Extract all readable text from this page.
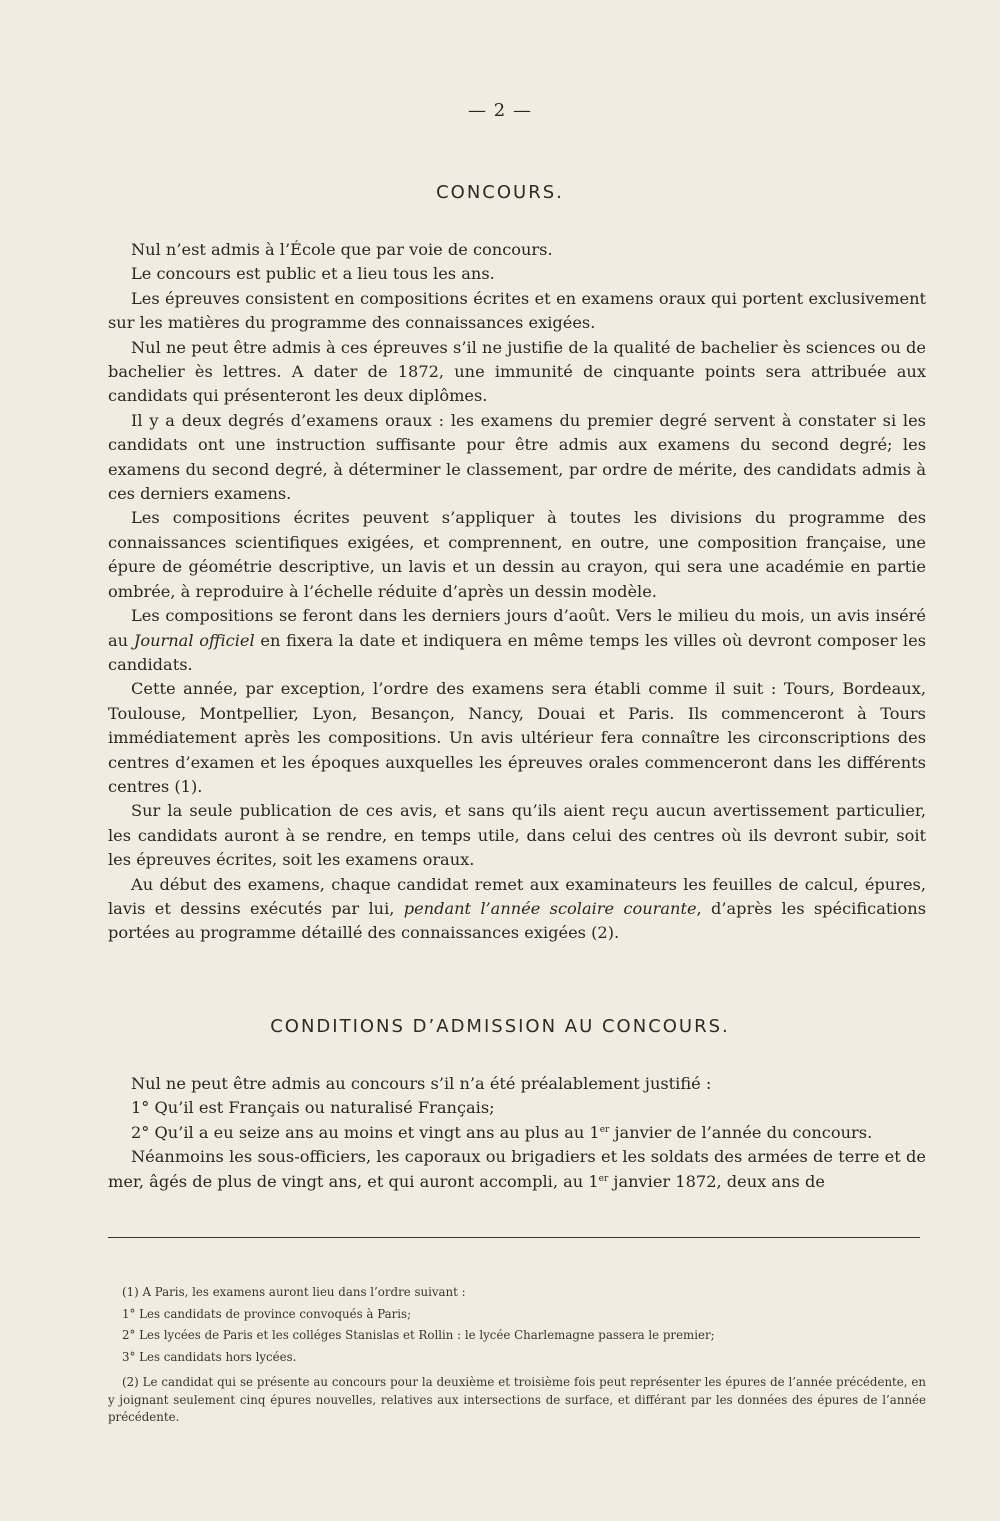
— 2 —
CONCOURS.

Nul n’est admis à l’École que par voie de concours.

Le concours est public et a lieu tous les ans.

Les épreuves consistent en compositions écrites et en examens oraux qui portent exclusivement sur les matières du programme des connaissances exigées.

Nul ne peut être admis à ces épreuves s’il ne justifie de la qualité de bachelier ès sciences ou de bachelier ès lettres. A dater de 1872, une immunité de cinquante points sera attribuée aux candidats qui présenteront les deux diplômes.

Il y a deux degrés d’examens oraux : les examens du premier degré servent à constater si les candidats ont une instruction suffisante pour être admis aux examens du second degré; les examens du second degré, à déterminer le classement, par ordre de mérite, des candidats admis à ces derniers examens.

Les compositions écrites peuvent s’appliquer à toutes les divisions du programme des connaissances scientifiques exigées, et comprennent, en outre, une composition française, une épure de géométrie descriptive, un lavis et un dessin au crayon, qui sera une académie en partie ombrée, à reproduire à l’échelle réduite d’après un dessin modèle.

Les compositions se feront dans les derniers jours d’août. Vers le milieu du mois, un avis inséré au Journal officiel en fixera la date et indiquera en même temps les villes où devront composer les candidats.

Cette année, par exception, l’ordre des examens sera établi comme il suit : Tours, Bordeaux, Toulouse, Montpellier, Lyon, Besançon, Nancy, Douai et Paris. Ils commenceront à Tours immédiatement après les compositions. Un avis ultérieur fera connaître les circonscriptions des centres d’examen et les époques auxquelles les épreuves orales commenceront dans les différents centres (1).

Sur la seule publication de ces avis, et sans qu’ils aient reçu aucun avertissement particulier, les candidats auront à se rendre, en temps utile, dans celui des centres où ils devront subir, soit les épreuves écrites, soit les examens oraux.

Au début des examens, chaque candidat remet aux examinateurs les feuilles de calcul, épures, lavis et dessins exécutés par lui, pendant l’année scolaire courante, d’après les spécifications portées au programme détaillé des connaissances exigées (2).

CONDITIONS D’ADMISSION AU CONCOURS.

Nul ne peut être admis au concours s’il n’a été préalablement justifié :

1° Qu’il est Français ou naturalisé Français;

2° Qu’il a eu seize ans au moins et vingt ans au plus au 1er janvier de l’année du concours.

Néanmoins les sous-officiers, les caporaux ou brigadiers et les soldats des armées de terre et de mer, âgés de plus de vingt ans, et qui auront accompli, au 1er janvier 1872, deux ans de

(1) A Paris, les examens auront lieu dans l’ordre suivant :

1° Les candidats de province convoqués à Paris;

2° Les lycées de Paris et les colléges Stanislas et Rollin : le lycée Charlemagne passera le premier;

3° Les candidats hors lycées.

(2) Le candidat qui se présente au concours pour la deuxième et troisième fois peut représenter les épures de l’année précédente, en y joignant seulement cinq épures nouvelles, relatives aux intersections de surface, et différant par les données des épures de l’année précédente.
